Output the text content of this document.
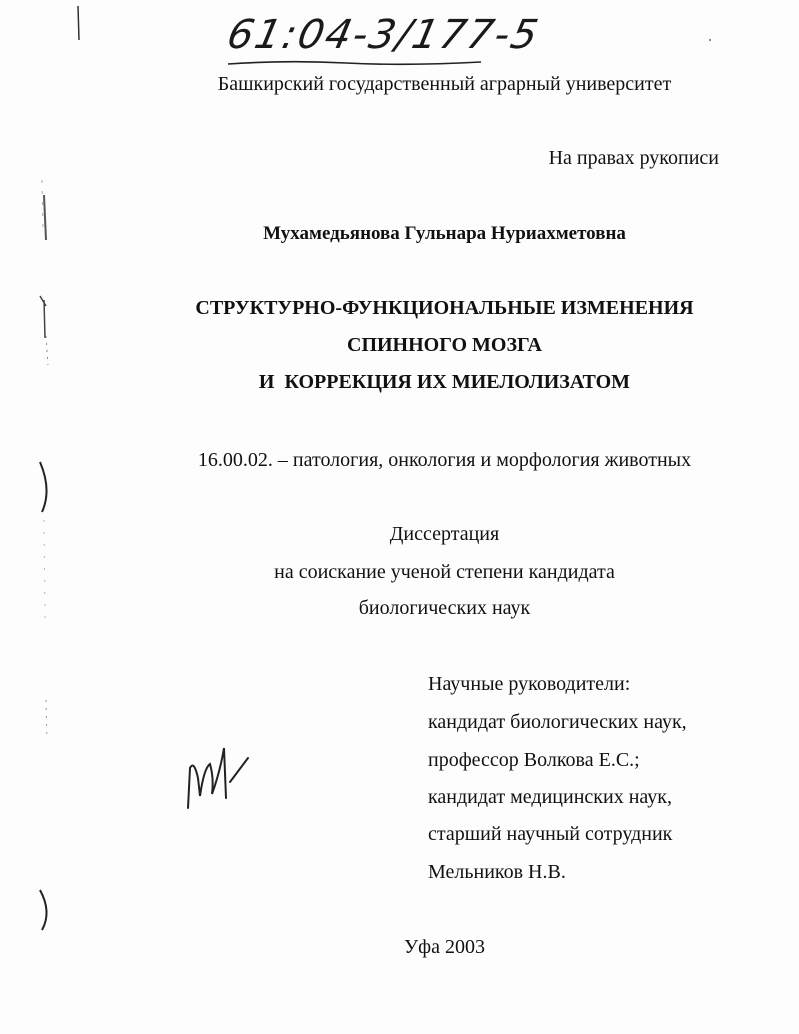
61:04-3/177-5
Башкирский государственный аграрный университет
На правах рукописи
Мухамедьянова Гульнара Нуриахметовна
СТРУКТУРНО-ФУНКЦИОНАЛЬНЫЕ ИЗМЕНЕНИЯ
СПИННОГО МОЗГА
И  КОРРЕКЦИЯ ИХ МИЕЛОЛИЗАТОМ
16.00.02. – патология, онкология и морфология животных
Диссертация
на соискание ученой степени кандидата
биологических наук
Научные руководители:
кандидат биологических наук,
профессор Волкова Е.С.;
кандидат медицинских наук,
старший научный сотрудник
Мельников Н.В.
Уфа 2003
